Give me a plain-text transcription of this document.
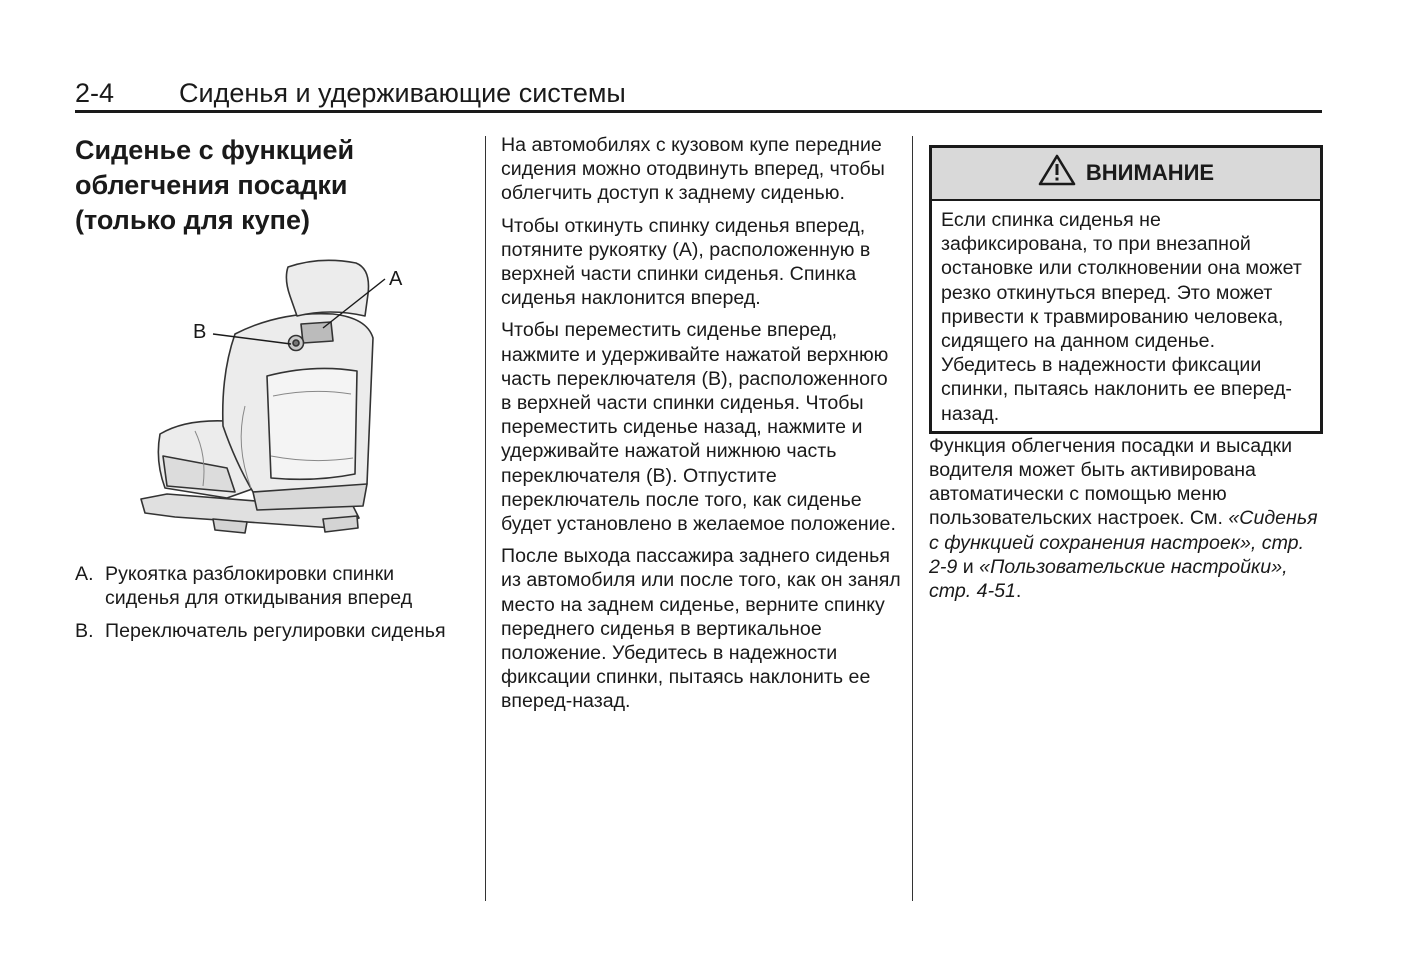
2-4 Сиденья и удерживающие системы
Сиденье с функцией
облегчения посадки
(только для купе)
A
B
A. Рукоятка разблокировки спинки сиденья для откидывания вперед
B. Переключатель регулировки сиденья

На автомобилях с кузовом купе передние сидения можно отодвинуть вперед, чтобы облегчить доступ к заднему сиденью.

Чтобы откинуть спинку сиденья вперед, потяните рукоятку (A), расположенную в верхней части спинки сиденья. Спинка сиденья наклонится вперед.

Чтобы переместить сиденье вперед, нажмите и удерживайте нажатой верхнюю часть переключателя (B), расположенного в верхней части спинки сиденья. Чтобы переместить сиденье назад, нажмите и удерживайте нажатой нижнюю часть переключателя (B). Отпустите переключатель после того, как сиденье будет установлено в желаемое положение.

После выхода пассажира заднего сиденья из автомобиля или после того, как он занял место на заднем сиденье, верните спинку переднего сиденья в вертикальное положение. Убедитесь в надежности фиксации спинки, пытаясь наклонить ее вперед-назад.

ВНИМАНИЕ
Если спинка сиденья не зафиксирована, то при внезапной остановке или столкновении она может резко откинуться вперед. Это может привести к травмированию человека, сидящего на данном сиденье. Убедитесь в надежности фиксации спинки, пытаясь наклонить ее вперед-назад.

Функция облегчения посадки и высадки водителя может быть активирована автоматически с помощью меню пользовательских настроек. См. «Сиденья с функцией сохранения настроек», стр. 2-9 и «Пользовательские настройки», стр. 4-51.
